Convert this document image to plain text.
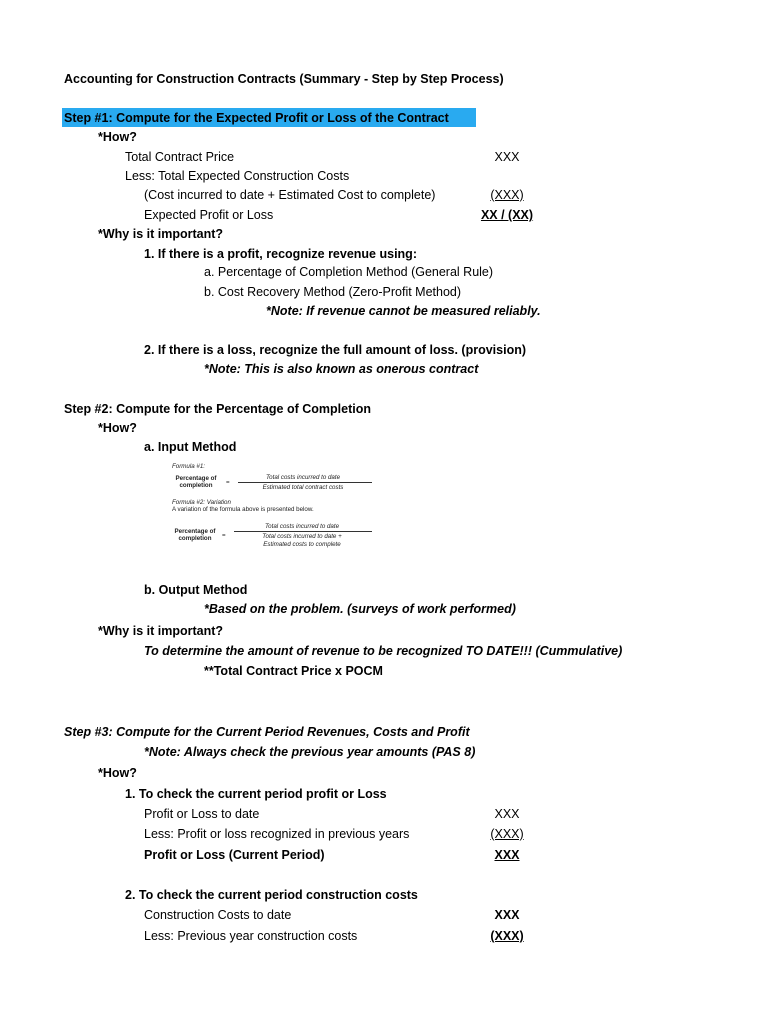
Accounting for Construction Contracts (Summary - Step by Step Process)
Step #1: Compute for the Expected Profit or Loss of the Contract
*How?
Total Contract Price	XXX
Less: Total Expected Construction Costs
(Cost incurred to date + Estimated Cost to complete)	(XXX)
Expected Profit or Loss	XX / (XX)
*Why is it important?
1. If there is a profit, recognize revenue using:
a. Percentage of Completion Method (General Rule)
b. Cost Recovery Method (Zero-Profit Method)
*Note: If revenue cannot be measured reliably.
2. If there is a loss, recognize the full amount of loss. (provision)
*Note: This is also known as onerous contract
Step #2: Compute for the Percentage of Completion
*How?
a. Input Method
Formula #1:
Percentage of
completion	=
Total costs incurred to date
Estimated total contract costs
Formula #2: Variation
A variation of the formula above is presented below.
Percentage of
completion	=
Total costs incurred to date
Total costs incurred to date +
Estimated costs to complete
b. Output Method
*Based on the problem. (surveys of work performed)
*Why is it important?
To determine the amount of revenue to be recognized TO DATE!!! (Cummulative)
**Total Contract Price x POCM
Step #3: Compute for the Current Period Revenues, Costs and Profit
*Note: Always check the previous year amounts (PAS 8)
*How?
1. To check the current period profit or Loss
Profit or Loss to date	XXX
Less: Profit or loss recognized in previous years	(XXX)
Profit or Loss (Current Period)	XXX
2. To check the current period construction costs
Construction Costs to date	XXX
Less: Previous year construction costs	(XXX)
